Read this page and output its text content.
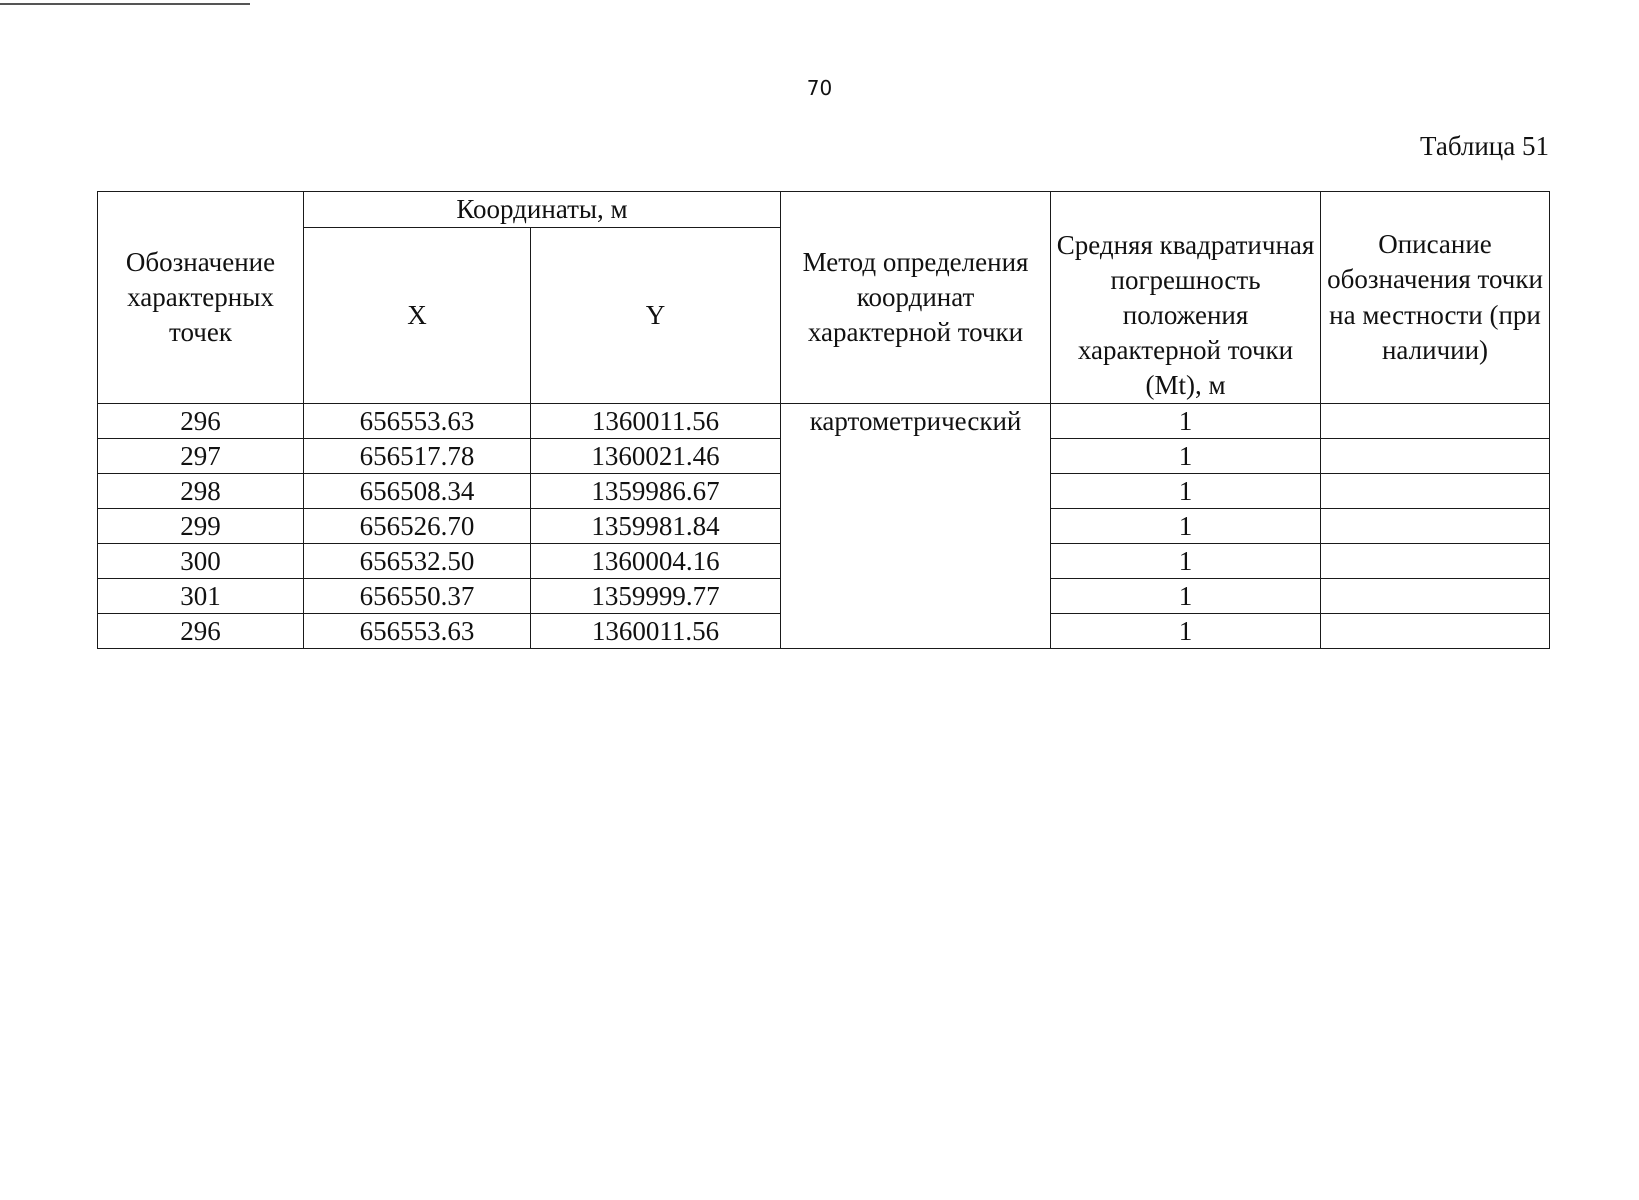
70
Таблица 51
Обозначение характерных точек	Координаты, м		Метод определения координат характерной точки	Средняя квадратичная погрешность положения характерной точки (Mt), м	Описание обозначения точки на местности (при наличии)
	X	Y			
296	656553.63	1360011.56	картометрический	1	
297	656517.78	1360021.46		1	
298	656508.34	1359986.67		1	
299	656526.70	1359981.84		1	
300	656532.50	1360004.16		1	
301	656550.37	1359999.77		1	
296	656553.63	1360011.56		1	
